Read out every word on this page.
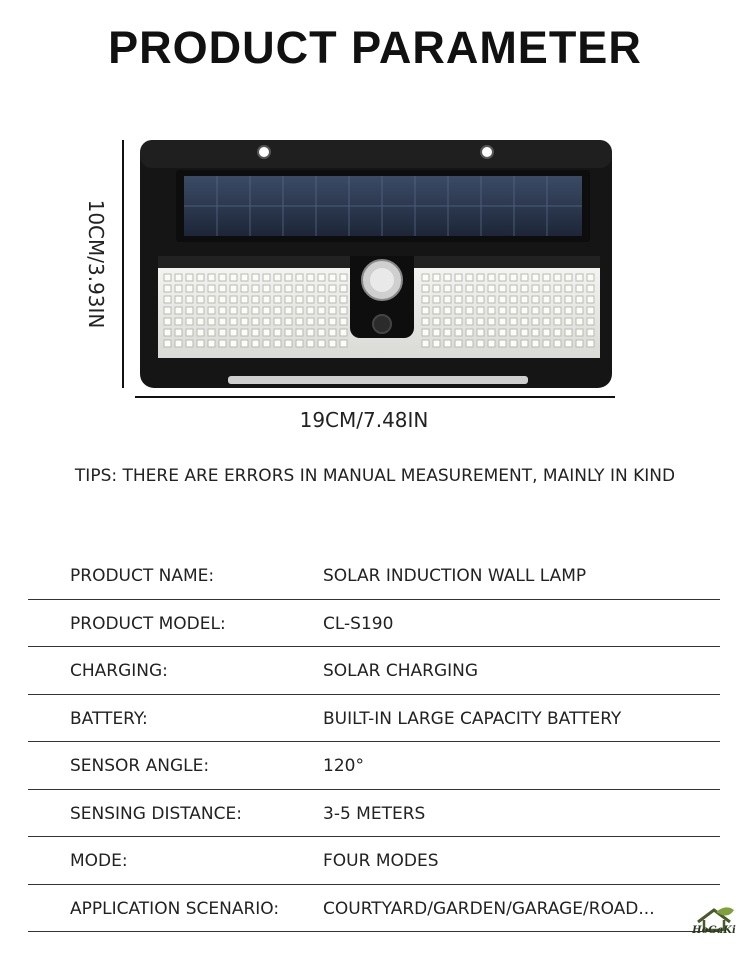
PRODUCT PARAMETER
10CM/3.93IN
19CM/7.48IN
TIPS: THERE ARE ERRORS IN MANUAL MEASUREMENT, MAINLY IN KIND
PRODUCT NAME:	SOLAR INDUCTION WALL LAMP
PRODUCT MODEL:	CL-S190
CHARGING:	SOLAR CHARGING
BATTERY:	BUILT-IN LARGE CAPACITY BATTERY
SENSOR ANGLE:	120°
SENSING DISTANCE:	3-5 METERS
MODE:	FOUR MODES
APPLICATION SCENARIO:	COURTYARD/GARDEN/GARAGE/ROAD...
HoGaKi
